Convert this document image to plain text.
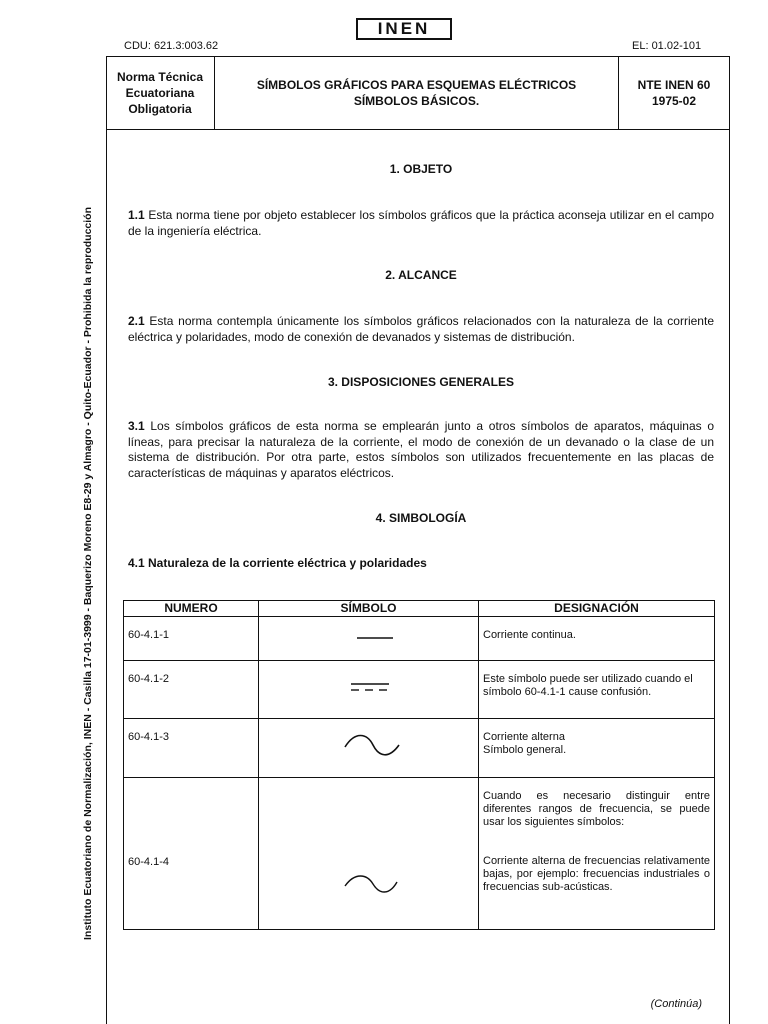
INEN
CDU: 621.3:003.62	EL: 01.02-101
Norma Técnica
Ecuatoriana
Obligatoria
SÍMBOLOS GRÁFICOS PARA ESQUEMAS ELÉCTRICOS
SÍMBOLOS BÁSICOS.
NTE INEN 60
1975-02
Instituto Ecuatoriano de Normalización, INEN - Casilla 17-01-3999 - Baquerizo Moreno E8-29 y Almagro - Quito-Ecuador - Prohibida la reproducción
1. OBJETO
1.1 Esta norma tiene por objeto establecer los símbolos gráficos que la práctica aconseja utilizar en el campo de la ingeniería eléctrica.
2. ALCANCE
2.1 Esta norma contempla únicamente los símbolos gráficos relacionados con la naturaleza de la corriente eléctrica y polaridades, modo de conexión de devanados y sistemas de distribución.
3. DISPOSICIONES GENERALES
3.1 Los símbolos gráficos de esta norma se emplearán junto a otros símbolos de aparatos, máquinas o líneas, para precisar la naturaleza de la corriente, el modo de conexión de un devanado o la clase de un sistema de distribución. Por otra parte, estos símbolos son utilizados frecuentemente en las placas de características de máquinas y aparatos eléctricos.
4. SIMBOLOGÍA
4.1 Naturaleza de la corriente eléctrica y polaridades
NUMERO	SÍMBOLO	DESIGNACIÓN

60-4.1-1		Corriente continua.

60-4.1-2		Este símbolo puede ser utilizado cuando el símbolo 60-4.1-1 cause confusión.

60-4.1-3		Corriente alterna
Símbolo general.

60-4.1-4		Cuando es necesario distinguir entre diferentes rangos de frecuencia, se puede usar los siguientes símbolos:
Corriente alterna de frecuencias relativamente bajas, por ejemplo: frecuencias industriales o frecuencias sub-acústicas.
(Continúa)
